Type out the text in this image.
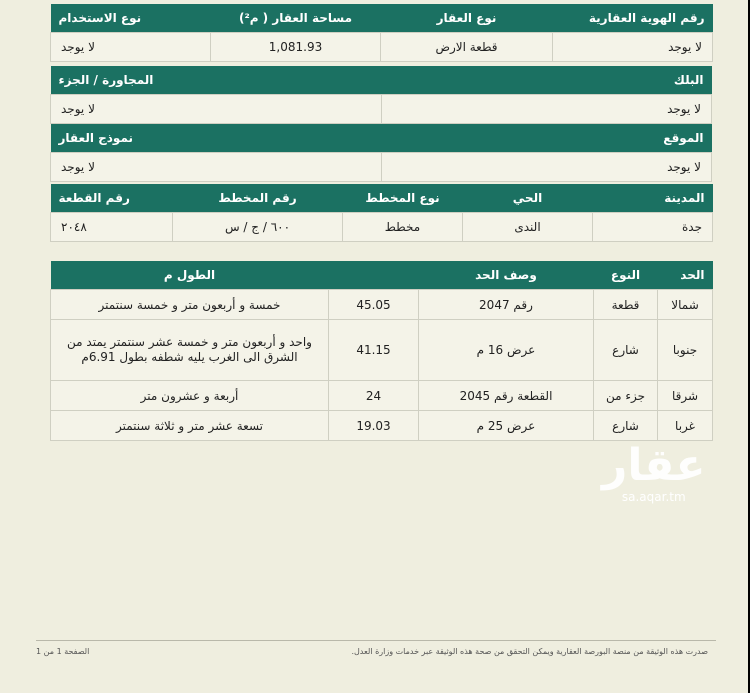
رقم الهوية العقارية	نوع العقار	مساحة العقار ( م²)	نوع الاستخدام
لا يوجد	قطعة الارض	1,081.93	لا يوجد
البلك	المجاورة / الجزء
لا يوجد	لا يوجد
الموقع	نموذج العقار
لا يوجد	لا يوجد
المدينة	الحي	نوع المخطط	رقم المخطط	رقم القطعة
جدة	الندى	مخطط	٦٠٠ / ج / س	٢٠٤٨
الحد	النوع	وصف الحد		الطول م
شمالا	قطعة	رقم 2047	45.05	خمسة و أربعون متر و خمسة سنتمتر
جنوبا	شارع	عرض 16 م	41.15	واحد و أربعون متر و خمسة عشر سنتمتر يمتد من الشرق الى الغرب يليه شطفه بطول 6.91م
شرقا	جزء من	القطعة رقم 2045	24	أربعة و عشرون متر
غربا	شارع	عرض 25 م	19.03	تسعة عشر متر و ثلاثة سنتمتر
عقار
sa.aqar.tm
صدرت هذه الوثيقة من منصة البورصة العقارية ويمكن التحقق من صحة هذه الوثيقة عبر خدمات وزارة العدل.
الصفحة 1 من 1
